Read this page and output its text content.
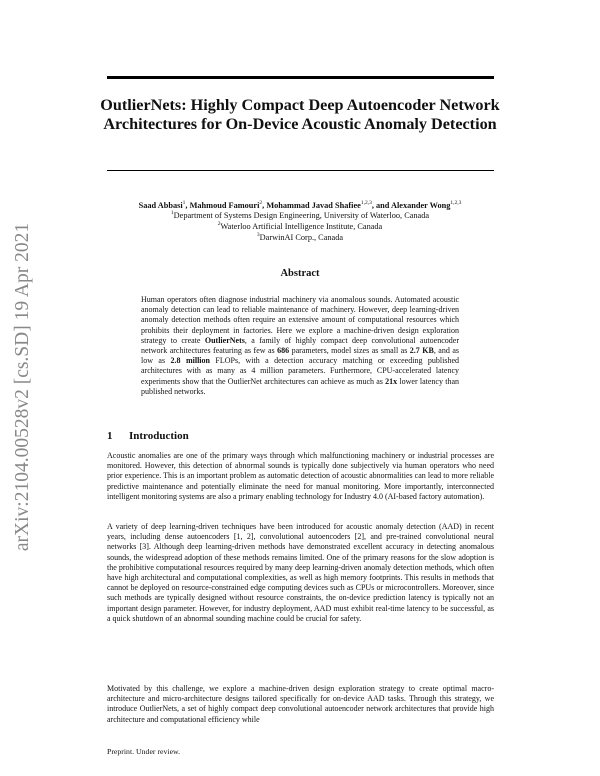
arXiv:2104.00528v2 [cs.SD] 19 Apr 2021
OutlierNets: Highly Compact Deep Autoencoder Network Architectures for On-Device Acoustic Anomaly Detection
Saad Abbasi$^1$, Mahmoud Famouri$^2$, Mohammad Javad Shafiee$^{1,2,3}$, and Alexander Wong$^{1,2,3}$
$^1$Department of Systems Design Engineering, University of Waterloo, Canada
$^2$Waterloo Artificial Intelligence Institute, Canada
$^3$DarwinAI Corp., Canada
Abstract

Human operators often diagnose industrial machinery via anomalous sounds. Automated acoustic anomaly detection can lead to reliable maintenance of machinery. However, deep learning-driven anomaly detection methods often require an extensive amount of computational resources which prohibits their deployment in factories. Here we explore a machine-driven design exploration strategy to create OutlierNets, a family of highly compact deep convolutional autoencoder network architectures featuring as few as 686 parameters, model sizes as small as 2.7 KB, and as low as 2.8 million FLOPs, with a detection accuracy matching or exceeding published architectures with as many as 4 million parameters. Furthermore, CPU-accelerated latency experiments show that the OutlierNet architectures can achieve as much as 21x lower latency than published networks.

1 Introduction

Acoustic anomalies are one of the primary ways through which malfunctioning machinery or industrial processes are monitored. However, this detection of abnormal sounds is typically done subjectively via human operators who need prior experience. This is an important problem as automatic detection of acoustic abnormalities can lead to more reliable predictive maintenance and potentially eliminate the need for manual monitoring. More importantly, interconnected intelligent monitoring systems are also a primary enabling technology for Industry 4.0 (AI-based factory automation).

A variety of deep learning-driven techniques have been introduced for acoustic anomaly detection (AAD) in recent years, including dense autoencoders [1, 2], convolutional autoencoders [2], and pre-trained convolutional neural networks [3]. Although deep learning-driven methods have demonstrated excellent accuracy in detecting anomalous sounds, the widespread adoption of these methods remains limited. One of the primary reasons for the slow adoption is the prohibitive computational resources required by many deep learning-driven anomaly detection methods, which often have high architectural and computational complexities, as well as high memory footprints. This results in methods that cannot be deployed on resource-constrained edge computing devices such as CPUs or microcontrollers. Moreover, since such methods are typically designed without resource constraints, the on-device prediction latency is typically not an important design parameter. However, for industry deployment, AAD must exhibit real-time latency to be successful, as a quick shutdown of an abnormal sounding machine could be crucial for safety.

Motivated by this challenge, we explore a machine-driven design exploration strategy to create optimal macro-architecture and micro-architecture designs tailored specifically for on-device AAD tasks. Through this strategy, we introduce OutlierNets, a set of highly compact deep convolutional autoencoder network architectures that provide high architecture and computational efficiency while

Preprint. Under review.
